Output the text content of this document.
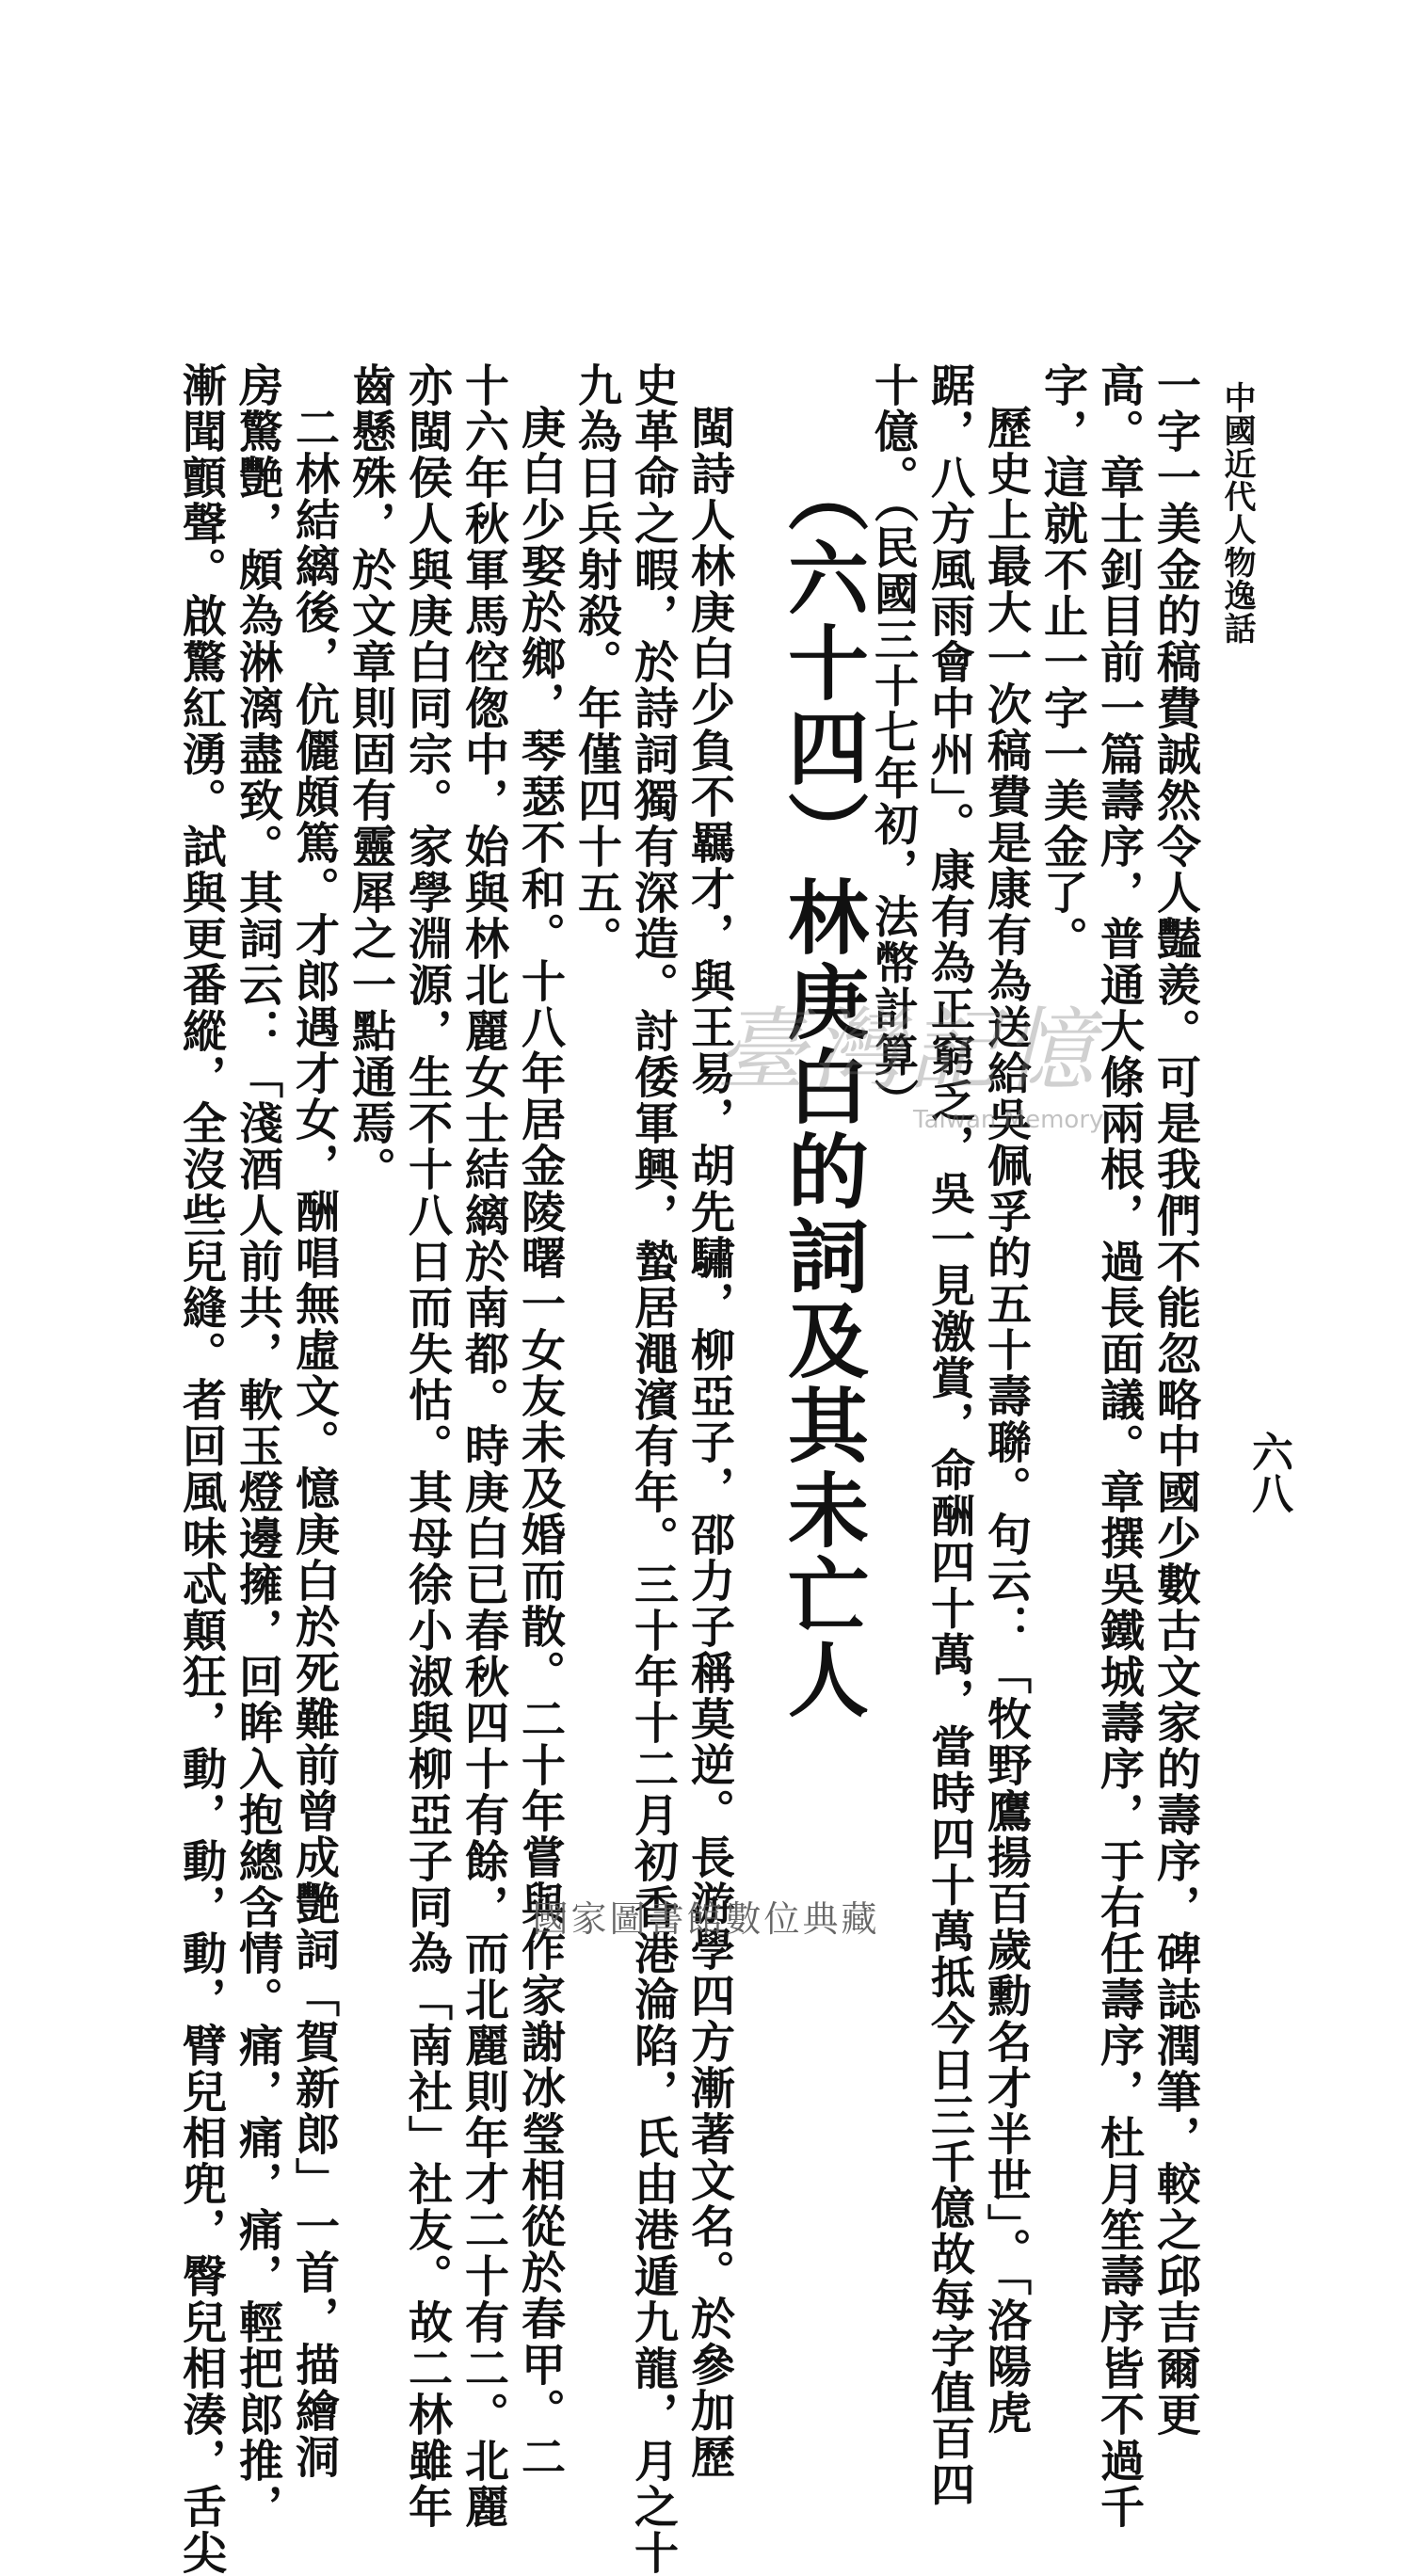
中國近代人物逸話
六八
一字一美金的稿費誠然令人豔羨。可是我們不能忽略中國少數古文家的壽序，碑誌潤筆，較之邱吉爾更
高。章士釗目前一篇壽序，普通大條兩根，過長面議。章撰吳鐵城壽序，于右任壽序，杜月笙壽序皆不過千
字，這就不止一字一美金了。
歷史上最大一次稿費是康有為送給吳佩孚的五十壽聯。句云：「牧野鷹揚百歲勳名才半世」。「洛陽虎
踞，八方風雨會中州」。康有為正窮乏，吳一見激賞，命酬四十萬，當時四十萬抵今日三千億故每字值百四
十億。（民國三十七年初，法幣計算）
（六十四）林庚白的詞及其未亡人
閩詩人林庚白少負不羈才，與王易，胡先驌，柳亞子，邵力子稱莫逆。長游學四方漸著文名。於參加歷
史革命之暇，於詩詞獨有深造。討倭軍興，蟄居澠濱有年。三十年十二月初香港淪陷，氏由港遁九龍，月之十
九為日兵射殺。年僅四十五。
庚白少娶於鄉，琴瑟不和。十八年居金陵曙一女友未及婚而散。二十年嘗與作家謝冰瑩相從於春甲。二
十六年秋軍馬倥偬中，始與林北麗女士結縭於南都。時庚白已春秋四十有餘，而北麗則年才二十有二。北麗
亦閩侯人與庚白同宗。家學淵源，生不十八日而失怙。其母徐小淑與柳亞子同為「南社」社友。故二林雖年
齒懸殊，於文章則固有靈犀之一點通焉。
二林結縭後，伉儷頗篤。才郎遇才女，酬唱無虛文。憶庚白於死難前曾成艷詞「賀新郎」一首，描繪洞
房驚艷，頗為淋漓盡致。其詞云：「淺酒人前共，軟玉燈邊擁，回眸入抱總含情。痛，痛，痛，輕把郎推，
漸聞顫聲。啟驚紅湧。試與更番縱，全沒些兒縫。者回風味忒顛狂，動，動，動，臂兒相兜，臀兒相湊，舌尖	臺灣記憶
Taiwan Memory
國家圖書館數位典藏
